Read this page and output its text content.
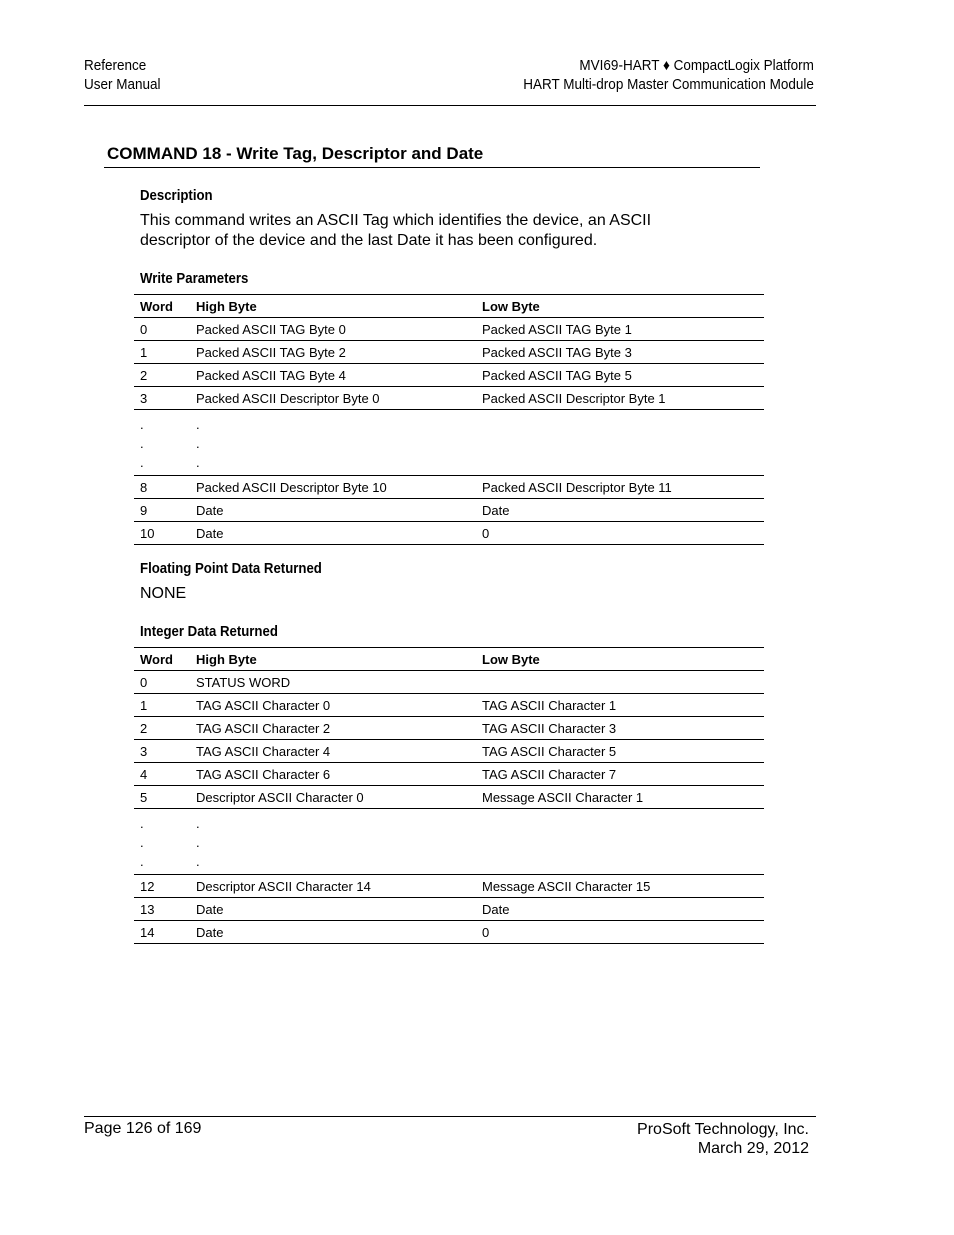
Reference
User Manual
MVI69-HART ♦ CompactLogix Platform
HART Multi-drop Master Communication Module
COMMAND 18 - Write Tag, Descriptor and Date
Description
This command writes an ASCII Tag which identifies the device, an ASCII
descriptor of the device and the last Date it has been configured.
Write Parameters
Word	High Byte	Low Byte
0	Packed ASCII TAG Byte 0	Packed ASCII TAG Byte 1
1	Packed ASCII TAG Byte 2	Packed ASCII TAG Byte 3
2	Packed ASCII TAG Byte 4	Packed ASCII TAG Byte 5
3	Packed ASCII Descriptor Byte 0	Packed ASCII Descriptor Byte 1
.
.
.	.
.
.	
8	Packed ASCII Descriptor Byte 10	Packed ASCII Descriptor Byte 11
9	Date	Date
10	Date	0
Floating Point Data Returned
NONE
Integer Data Returned
Word	High Byte	Low Byte
0	STATUS WORD	
1	TAG ASCII Character 0	TAG ASCII Character 1
2	TAG ASCII Character 2	TAG ASCII Character 3
3	TAG ASCII Character 4	TAG ASCII Character 5
4	TAG ASCII Character 6	TAG ASCII Character 7
5	Descriptor ASCII Character 0	Message ASCII Character 1
.
.
.	.
.
.	
12	Descriptor ASCII Character 14	Message ASCII Character 15
13	Date	Date
14	Date	0
Page 126 of 169	ProSoft Technology, Inc.
March 29, 2012
